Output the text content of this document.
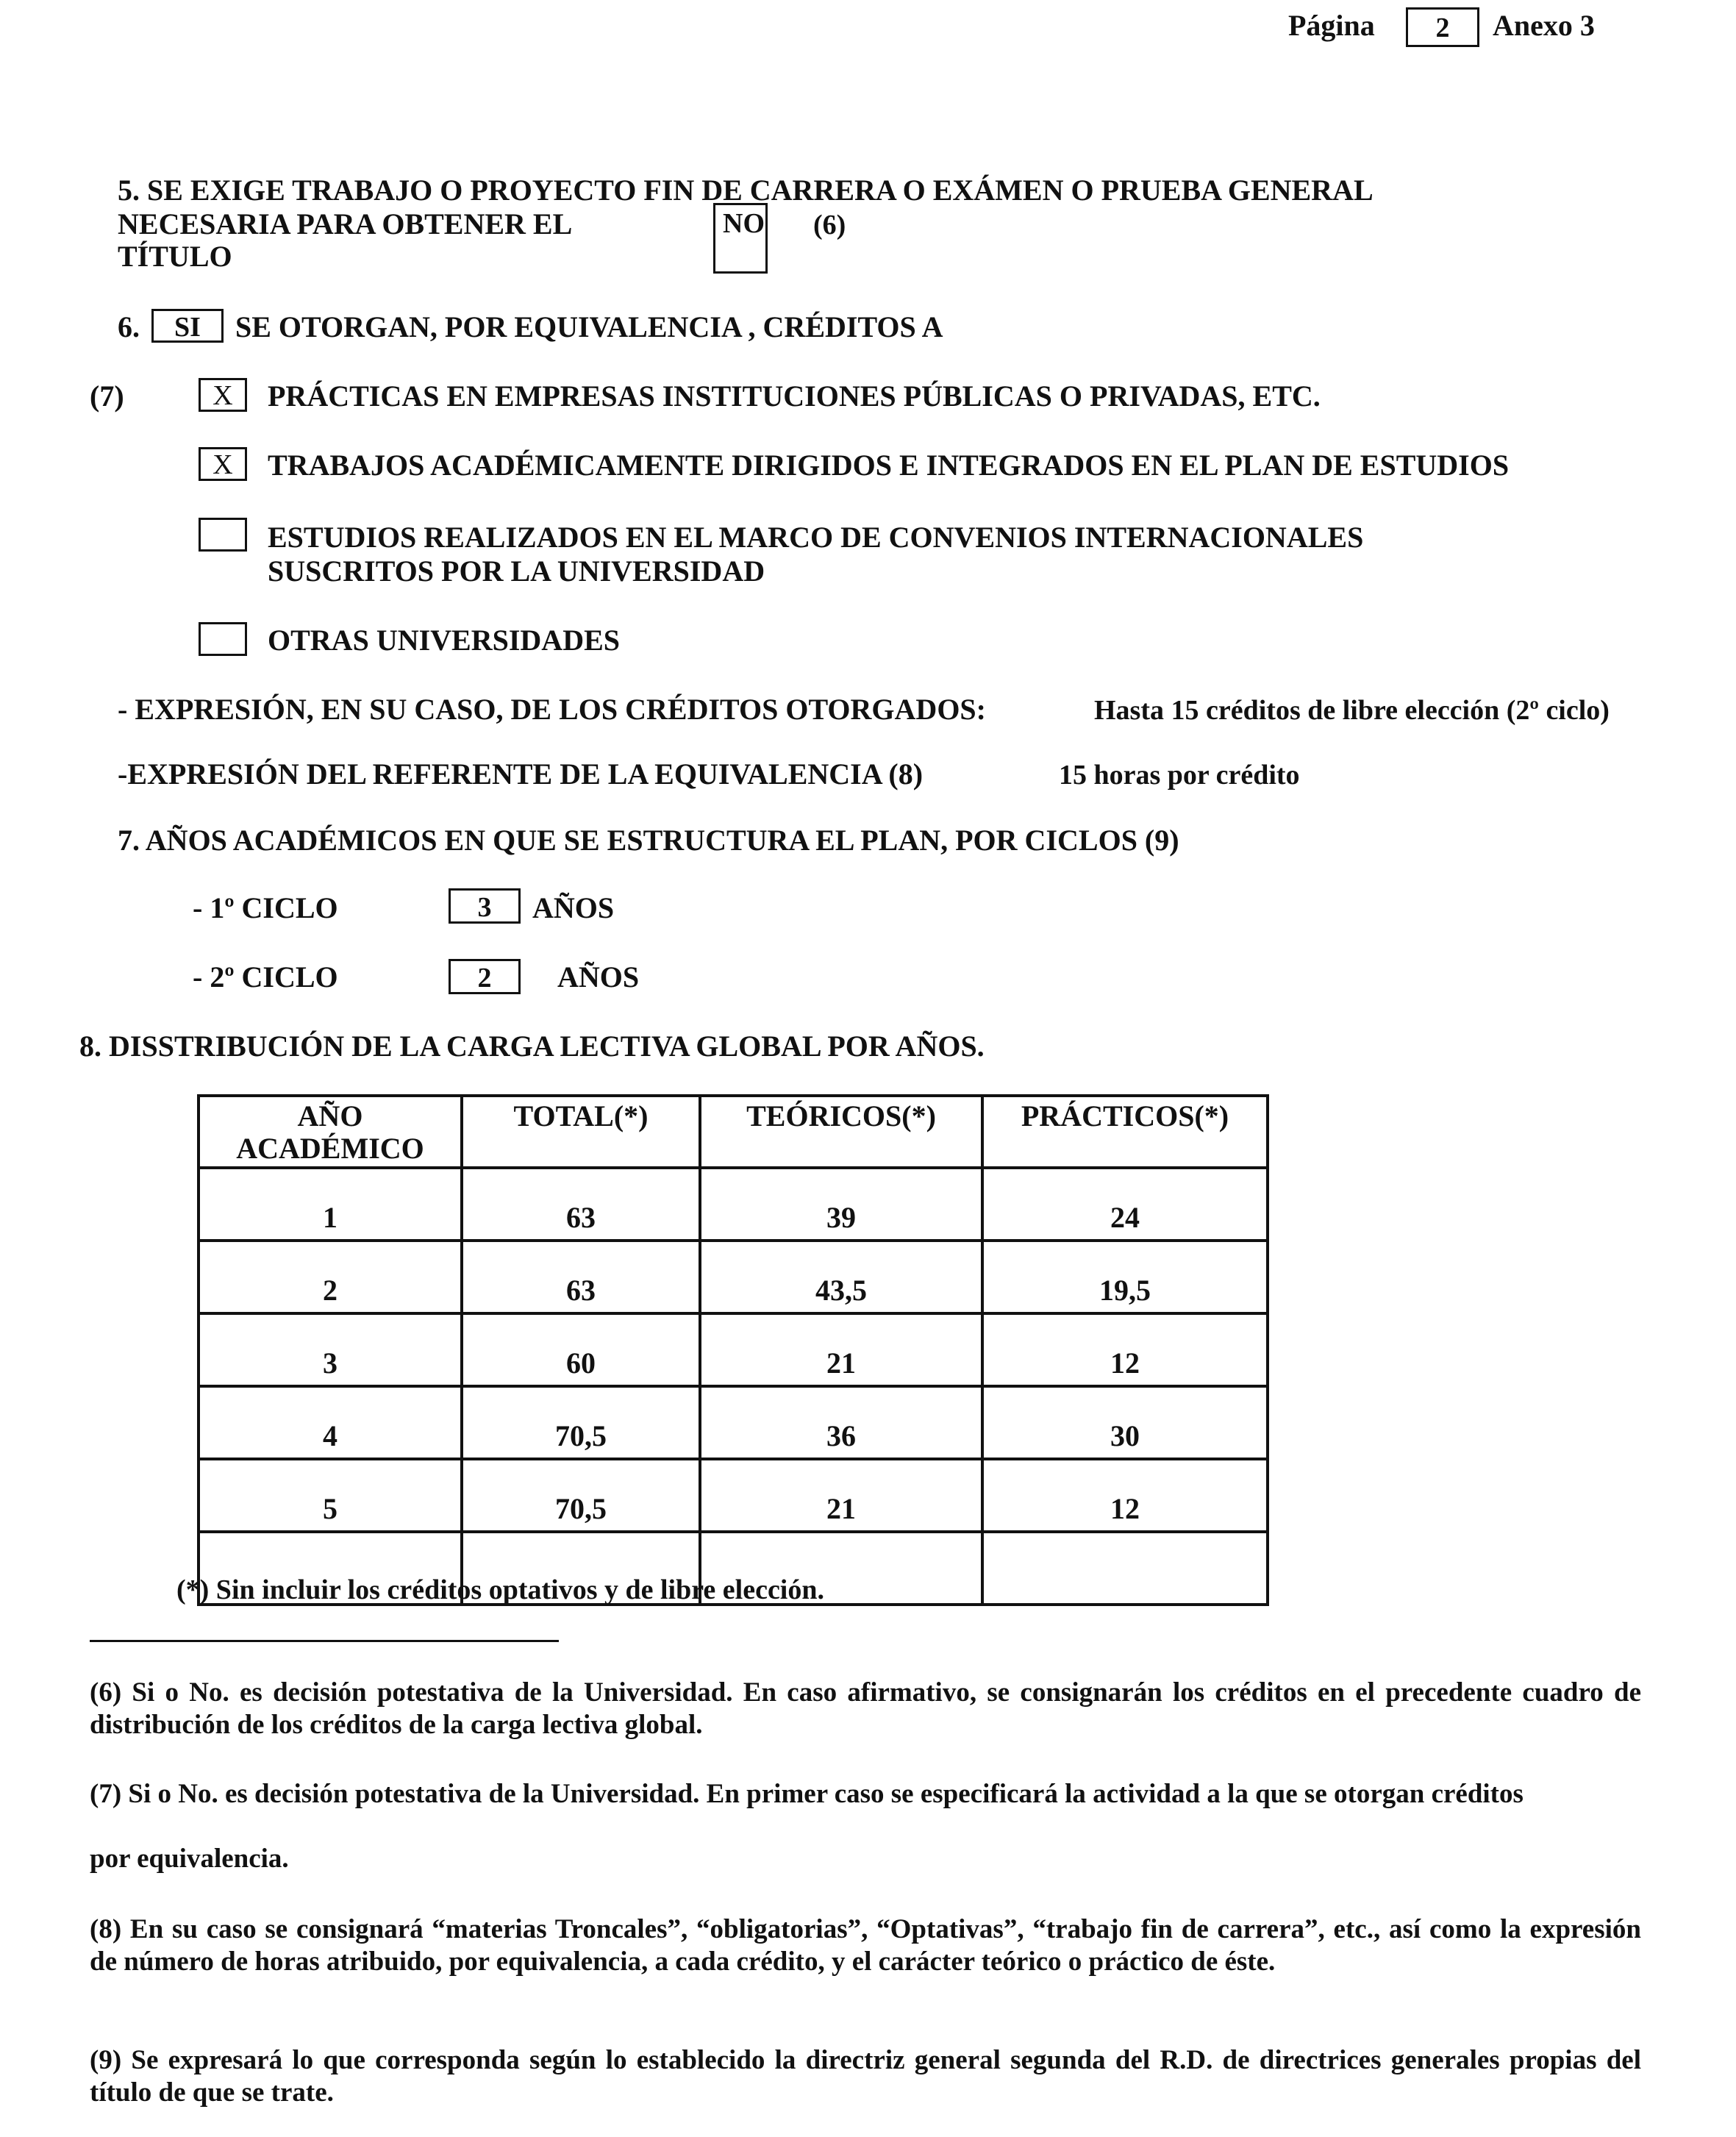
Página	2	Anexo 3
5. SE EXIGE TRABAJO O PROYECTO FIN DE CARRERA O EXÁMEN O PRUEBA GENERAL
NECESARIA PARA OBTENER EL
TÍTULO
NO (6)
6.	SI	SE OTORGAN, POR EQUIVALENCIA , CRÉDITOS A
(7)	X	PRÁCTICAS EN EMPRESAS INSTITUCIONES PÚBLICAS O PRIVADAS, ETC.
X	TRABAJOS ACADÉMICAMENTE DIRIGIDOS E INTEGRADOS EN EL PLAN DE ESTUDIOS
ESTUDIOS REALIZADOS EN EL MARCO DE CONVENIOS INTERNACIONALES
SUSCRITOS POR LA UNIVERSIDAD
OTRAS UNIVERSIDADES
- EXPRESIÓN, EN SU CASO, DE LOS CRÉDITOS OTORGADOS:	Hasta 15 créditos de libre elección (2º ciclo)
-EXPRESIÓN DEL REFERENTE DE LA EQUIVALENCIA (8)	15 horas por crédito
7. AÑOS ACADÉMICOS EN QUE SE ESTRUCTURA EL PLAN, POR CICLOS (9)
- 1º CICLO	3	AÑOS
- 2º CICLO	2	AÑOS
8. DISSTRIBUCIÓN DE LA CARGA LECTIVA GLOBAL POR AÑOS.
AÑO ACADÉMICO	TOTAL(*)	TEÓRICOS(*)	PRÁCTICOS(*)
1	63	39	24
2	63	43,5	19,5
3	60	21	12
4	70,5	36	30
5	70,5	21	12

(*) Sin incluir los créditos optativos y de libre elección.
(6) Si o No. es decisión potestativa de la Universidad. En caso afirmativo, se consignarán los créditos en el precedente cuadro de distribución de los créditos de la carga lectiva global.
(7) Si o No. es decisión potestativa de la Universidad. En primer caso se especificará la actividad a la que se otorgan créditos
por equivalencia.
(8) En su caso se consignará “materias Troncales”, “obligatorias”, “Optativas”, “trabajo fin de carrera”, etc., así como la expresión de número de horas atribuido, por equivalencia, a cada crédito, y el carácter teórico o práctico de éste.
(9) Se expresará lo que corresponda según lo establecido la directriz general segunda del R.D. de directrices generales propias del título de que se trate.
